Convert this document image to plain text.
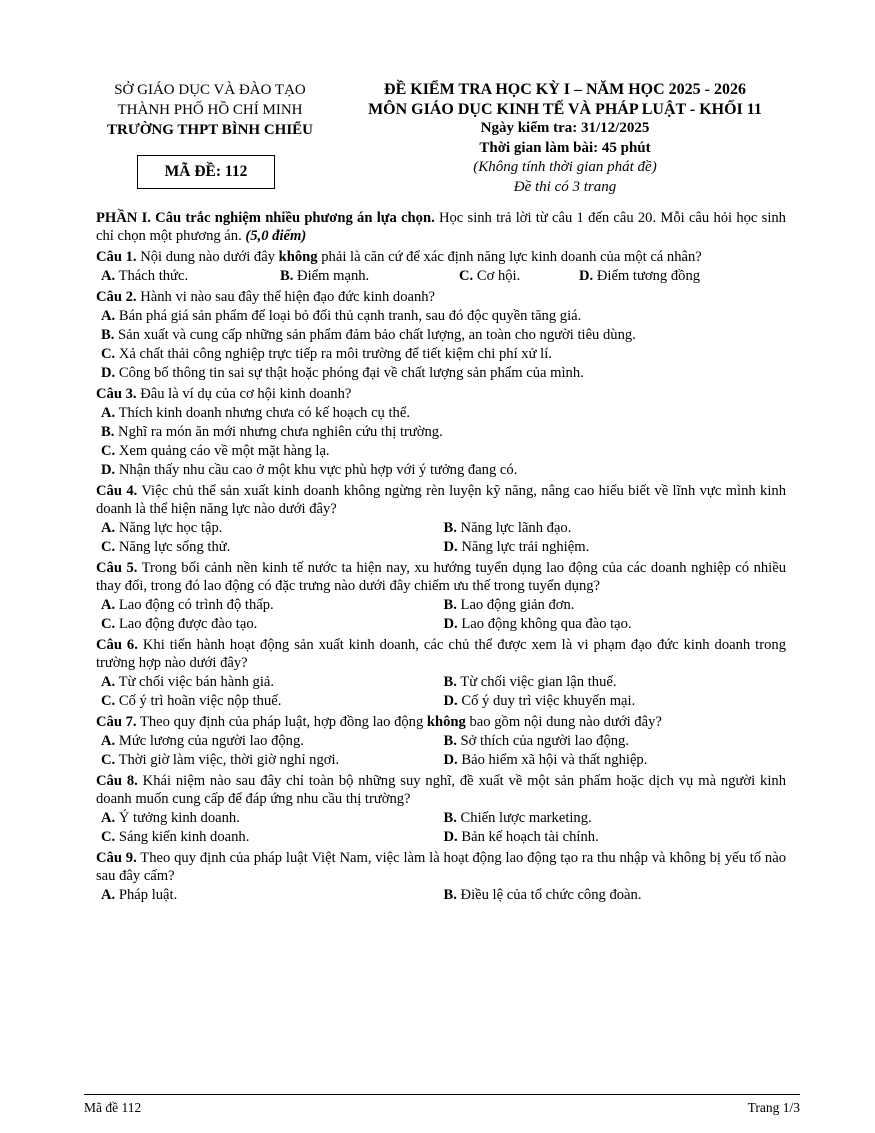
SỞ GIÁO DỤC VÀ ĐÀO TẠO
THÀNH PHỐ HỒ CHÍ MINH
TRƯỜNG THPT BÌNH CHIỂU
MÃ ĐỀ: 112
ĐỀ KIỂM TRA HỌC KỲ I – NĂM HỌC 2025 - 2026
MÔN GIÁO DỤC KINH TẾ VÀ PHÁP LUẬT - KHỐI 11
Ngày kiểm tra: 31/12/2025
Thời gian làm bài: 45 phút
(Không tính thời gian phát đề)
Đề thi có 3 trang

PHẦN I. Câu trắc nghiệm nhiều phương án lựa chọn. Học sinh trả lời từ câu 1 đến câu 20. Mỗi câu hỏi học sinh chỉ chọn một phương án. (5,0 điểm)

Câu 1. Nội dung nào dưới đây không phải là căn cứ để xác định năng lực kinh doanh của một cá nhân?

A. Thách thức.	B. Điểm mạnh.	C. Cơ hội.	D. Điểm tương đồng

Câu 2. Hành vi nào sau đây thể hiện đạo đức kinh doanh?

A. Bán phá giá sản phẩm để loại bỏ đối thủ cạnh tranh, sau đó độc quyền tăng giá.
B. Sản xuất và cung cấp những sản phẩm đảm bảo chất lượng, an toàn cho người tiêu dùng.
C. Xả chất thải công nghiệp trực tiếp ra môi trường để tiết kiệm chi phí xử lí.
D. Công bố thông tin sai sự thật hoặc phóng đại về chất lượng sản phẩm của mình.

Câu 3. Đâu là ví dụ của cơ hội kinh doanh?

A. Thích kinh doanh nhưng chưa có kế hoạch cụ thể.
B. Nghĩ ra món ăn mới nhưng chưa nghiên cứu thị trường.
C. Xem quảng cáo về một mặt hàng lạ.
D. Nhận thấy nhu cầu cao ở một khu vực phù hợp với ý tưởng đang có.

Câu 4. Việc chủ thể sản xuất kinh doanh không ngừng rèn luyện kỹ năng, nâng cao hiểu biết về lĩnh vực mình kinh doanh là thể hiện năng lực nào dưới đây?

A. Năng lực học tập.	B. Năng lực lãnh đạo.
C. Năng lực sống thử.	D. Năng lực trải nghiệm.

Câu 5. Trong bối cảnh nền kinh tế nước ta hiện nay, xu hướng tuyển dụng lao động của các doanh nghiệp có nhiều thay đổi, trong đó lao động có đặc trưng nào dưới đây chiếm ưu thế trong tuyển dụng?

A. Lao động có trình độ thấp.	B. Lao động giản đơn.
C. Lao động được đào tạo.	D. Lao động không qua đào tạo.

Câu 6. Khi tiến hành hoạt động sản xuất kinh doanh, các chủ thể được xem là vi phạm đạo đức kinh doanh trong trường hợp nào dưới đây?

A. Từ chối việc bán hành giả.	B. Từ chối việc gian lận thuế.
C. Cố ý trì hoãn việc nộp thuế.	D. Cố ý duy trì việc khuyến mại.

Câu 7. Theo quy định của pháp luật, hợp đồng lao động không bao gồm nội dung nào dưới đây?

A. Mức lương của người lao động.	B. Sở thích của người lao động.
C. Thời giờ làm việc, thời giờ nghỉ ngơi.	D. Bảo hiểm xã hội và thất nghiệp.

Câu 8. Khái niệm nào sau đây chỉ toàn bộ những suy nghĩ, đề xuất về một sản phẩm hoặc dịch vụ mà người kinh doanh muốn cung cấp để đáp ứng nhu cầu thị trường?

A. Ý tưởng kinh doanh.	B. Chiến lược marketing.
C. Sáng kiến kinh doanh.	D. Bản kế hoạch tài chính.

Câu 9. Theo quy định của pháp luật Việt Nam, việc làm là hoạt động lao động tạo ra thu nhập và không bị yếu tố nào sau đây cấm?

A. Pháp luật.	B. Điều lệ của tổ chức công đoàn.
Mã đề 112	Trang 1/3
